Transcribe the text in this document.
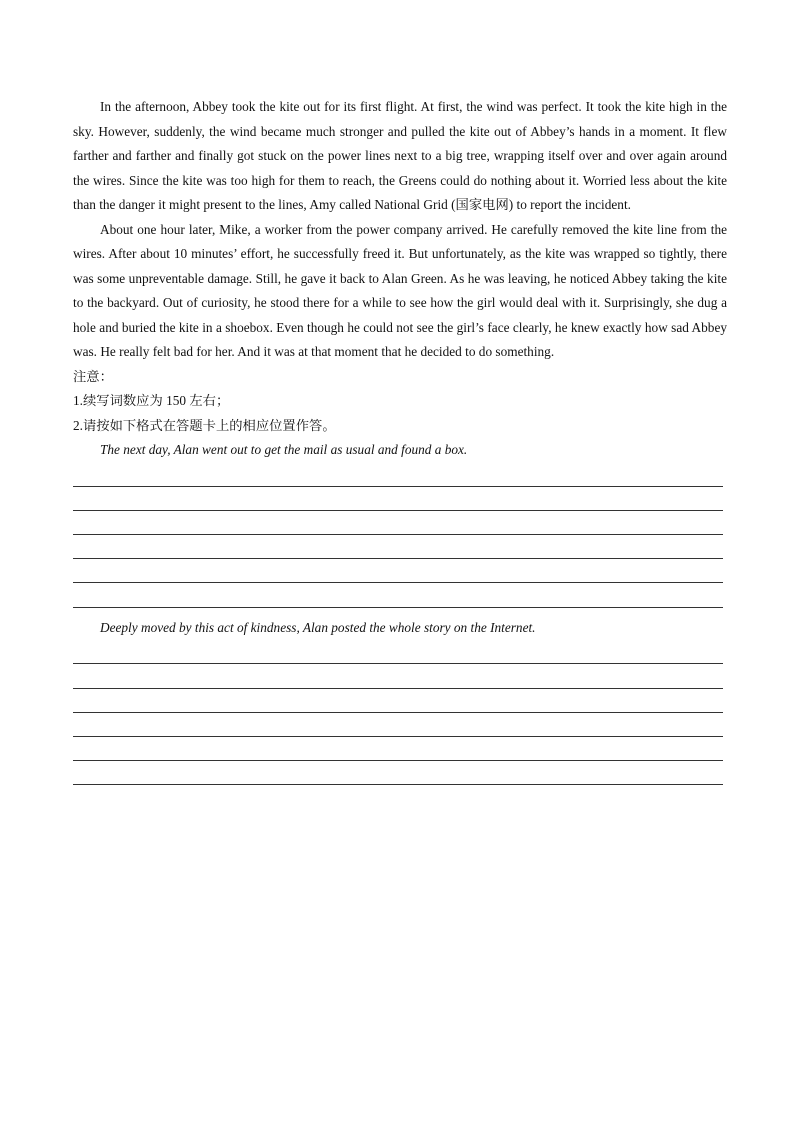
In the afternoon, Abbey took the kite out for its first flight. At first, the wind was perfect. It took the kite high in the sky. However, suddenly, the wind became much stronger and pulled the kite out of Abbey’s hands in a moment. It flew farther and farther and finally got stuck on the power lines next to a big tree, wrapping itself over and over again around the wires. Since the kite was too high for them to reach, the Greens could do nothing about it. Worried less about the kite than the danger it might present to the lines, Amy called National Grid (国家电网) to report the incident.

About one hour later, Mike, a worker from the power company arrived. He carefully removed the kite line from the wires. After about 10 minutes’ effort, he successfully freed it. But unfortunately, as the kite was wrapped so tightly, there was some unpreventable damage. Still, he gave it back to Alan Green. As he was leaving, he noticed Abbey taking the kite to the backyard. Out of curiosity, he stood there for a while to see how the girl would deal with it. Surprisingly, she dug a hole and buried the kite in a shoebox. Even though he could not see the girl’s face clearly, he knew exactly how sad Abbey was. He really felt bad for her. And it was at that moment that he decided to do something.

注意：

1.续写词数应为 150 左右；

2.请按如下格式在答题卡上的相应位置作答。

The next day, Alan went out to get the mail as usual and found a box.

Deeply moved by this act of kindness, Alan posted the whole story on the Internet.
